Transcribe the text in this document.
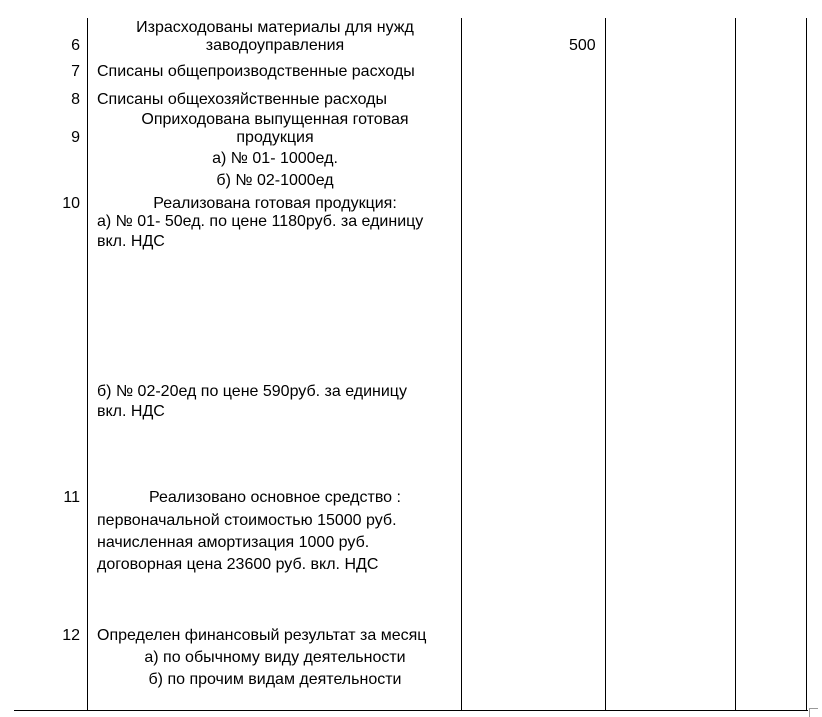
6
Израсходованы материалы для нужд
заводоуправления	500
7 Списаны общепроизводственные расходы
8 Списаны общехозяйственные расходы
9
Оприходована выпущенная готовая
продукция
а) № 01- 1000ед.
б) № 02-1000ед
10	Реализована готовая продукция:
а) № 01- 50ед. по цене 1180руб. за единицу
вкл. НДС
б) № 02-20ед по цене 590руб. за единицу
вкл. НДС
11	Реализовано основное средство :
первоначальной стоимостью 15000 руб.
начисленная амортизация 1000 руб.
договорная цена 23600 руб. вкл. НДС
12 Определен финансовый результат за месяц
а) по обычному виду деятельности
б) по прочим видам деятельности
